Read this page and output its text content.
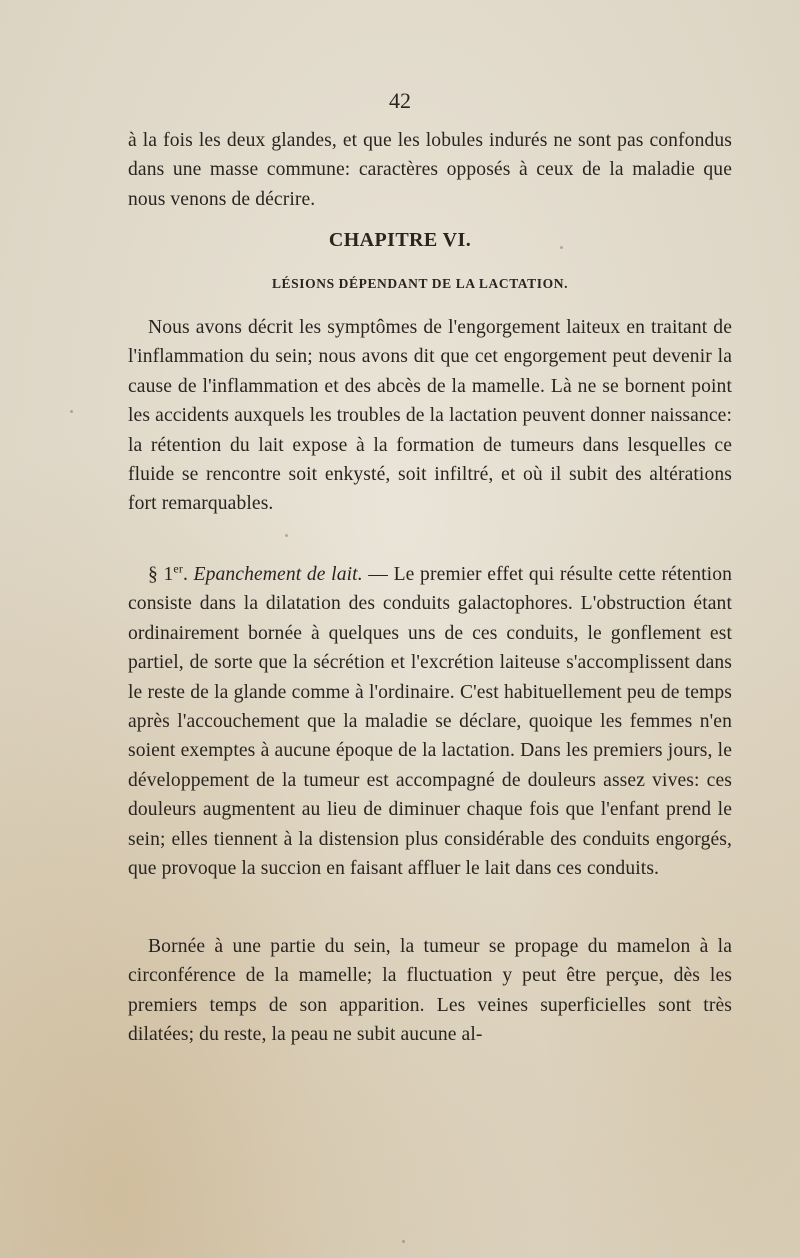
42

à la fois les deux glandes, et que les lobules indurés ne sont pas confondus dans une masse commune: caractères opposés à ceux de la maladie que nous venons de décrire.

CHAPITRE VI.
LÉSIONS DÉPENDANT DE LA LACTATION.

Nous avons décrit les symptômes de l'engorgement laiteux en traitant de l'inflammation du sein; nous avons dit que cet engorgement peut devenir la cause de l'inflammation et des abcès de la mamelle. Là ne se bornent point les accidents auxquels les troubles de la lactation peuvent donner naissance: la rétention du lait expose à la formation de tumeurs dans lesquelles ce fluide se rencontre soit enkysté, soit infiltré, et où il subit des altérations fort remarquables.

§ 1er. Epanchement de lait. — Le premier effet qui résulte cette rétention consiste dans la dilatation des conduits galactophores. L'obstruction étant ordinairement bornée à quelques uns de ces conduits, le gonflement est partiel, de sorte que la sécrétion et l'excrétion laiteuse s'accomplissent dans le reste de la glande comme à l'ordinaire. C'est habituellement peu de temps après l'accouchement que la maladie se déclare, quoique les femmes n'en soient exemptes à aucune époque de la lactation. Dans les premiers jours, le développement de la tumeur est accompagné de douleurs assez vives: ces douleurs augmentent au lieu de diminuer chaque fois que l'enfant prend le sein; elles tiennent à la distension plus considérable des conduits engorgés, que provoque la succion en faisant affluer le lait dans ces conduits.

Bornée à une partie du sein, la tumeur se propage du mamelon à la circonférence de la mamelle; la fluctuation y peut être perçue, dès les premiers temps de son apparition. Les veines superficielles sont très dilatées; du reste, la peau ne subit aucune al-
